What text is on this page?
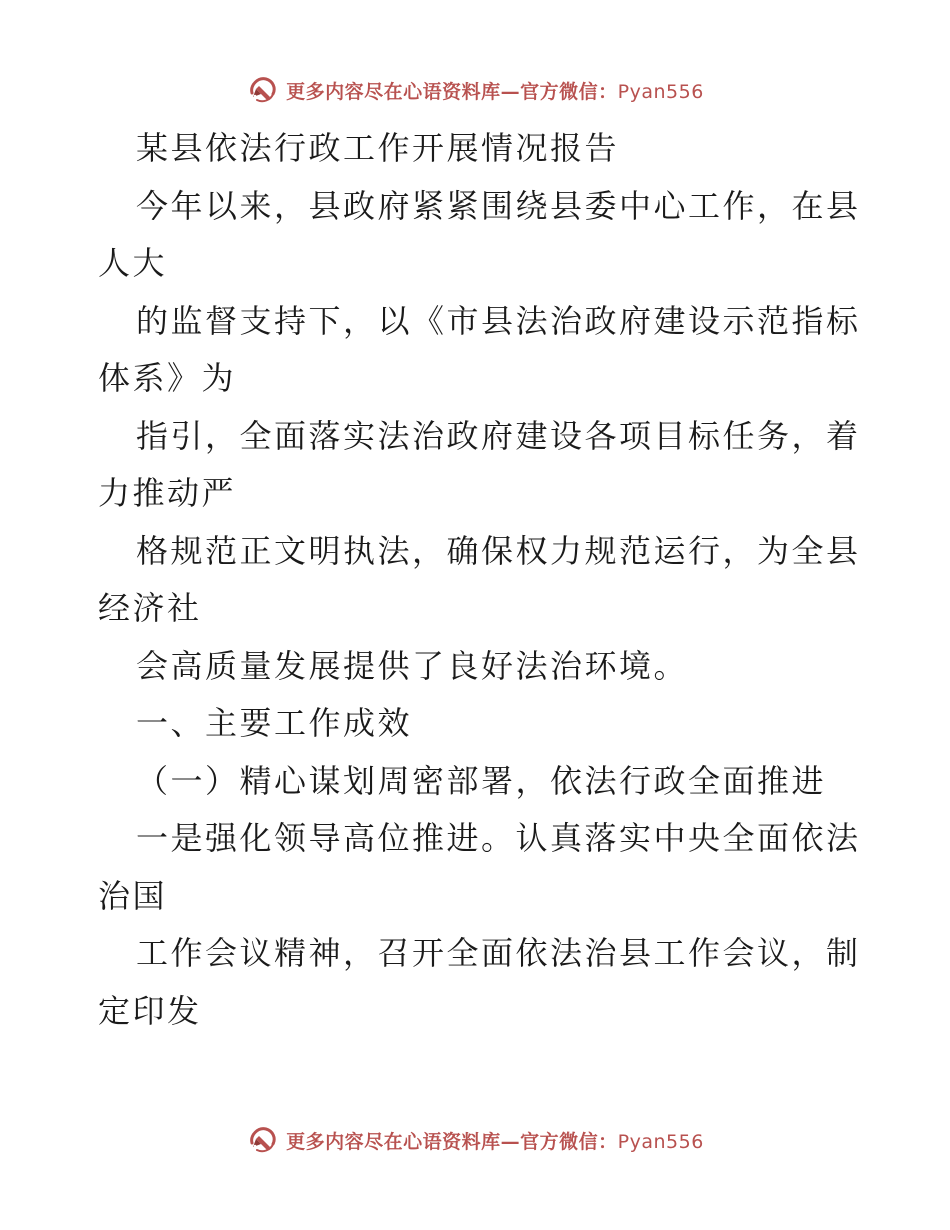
更多内容尽在心语资料库—官方微信：Pyan556
某县依法行政工作开展情况报告
今年以来，县政府紧紧围绕县委中心工作，在县
人大
的监督支持下，以《市县法治政府建设示范指标
体系》为
指引，全面落实法治政府建设各项目标任务，着
力推动严
格规范正文明执法，确保权力规范运行，为全县
经济社
会高质量发展提供了良好法治环境。
一、主要工作成效
（一）精心谋划周密部署，依法行政全面推进
一是强化领导高位推进。认真落实中央全面依法
治国
工作会议精神，召开全面依法治县工作会议，制
定印发
更多内容尽在心语资料库—官方微信：Pyan556
